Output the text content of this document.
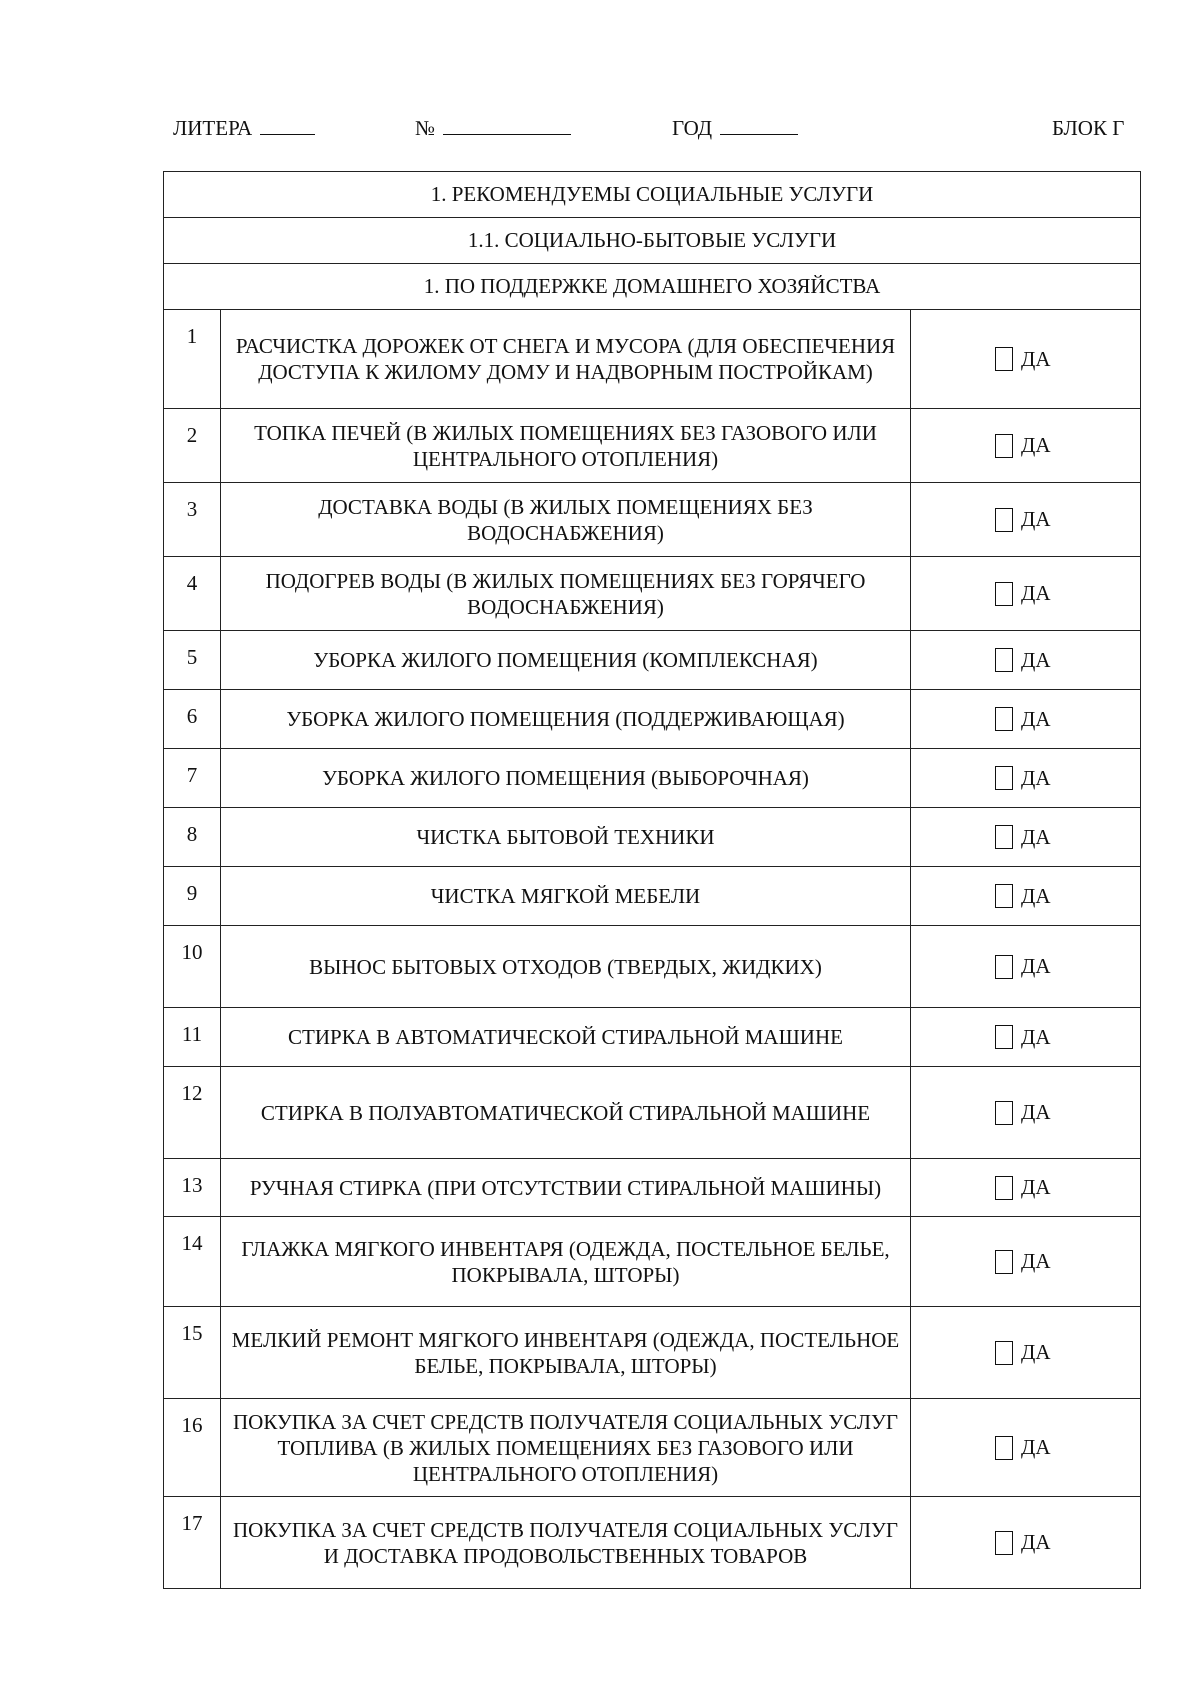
ЛИТЕРА	№	ГОД	БЛОК Г
1. РЕКОМЕНДУЕМЫ СОЦИАЛЬНЫЕ УСЛУГИ		
1.1. СОЦИАЛЬНО-БЫТОВЫЕ УСЛУГИ		
1. ПО ПОДДЕРЖКЕ ДОМАШНЕГО ХОЗЯЙСТВА		
1	РАСЧИСТКА ДОРОЖЕК ОТ СНЕГА И МУСОРА (ДЛЯ ОБЕСПЕЧЕНИЯ ДОСТУПА К ЖИЛОМУ ДОМУ И НАДВОРНЫМ ПОСТРОЙКАМ)	ДА

2	ТОПКА ПЕЧЕЙ (В ЖИЛЫХ ПОМЕЩЕНИЯХ БЕЗ ГАЗОВОГО ИЛИ ЦЕНТРАЛЬНОГО ОТОПЛЕНИЯ)	ДА

3	ДОСТАВКА ВОДЫ (В ЖИЛЫХ ПОМЕЩЕНИЯХ БЕЗ ВОДОСНАБЖЕНИЯ)	ДА

4	ПОДОГРЕВ ВОДЫ (В ЖИЛЫХ ПОМЕЩЕНИЯХ БЕЗ ГОРЯЧЕГО ВОДОСНАБЖЕНИЯ)	ДА

5	УБОРКА ЖИЛОГО ПОМЕЩЕНИЯ (КОМПЛЕКСНАЯ)	ДА

6	УБОРКА ЖИЛОГО ПОМЕЩЕНИЯ (ПОДДЕРЖИВАЮЩАЯ)	ДА

7	УБОРКА ЖИЛОГО ПОМЕЩЕНИЯ (ВЫБОРОЧНАЯ)	ДА

8	ЧИСТКА БЫТОВОЙ ТЕХНИКИ	ДА

9	ЧИСТКА МЯГКОЙ МЕБЕЛИ	ДА

10	ВЫНОС БЫТОВЫХ ОТХОДОВ (ТВЕРДЫХ, ЖИДКИХ)	ДА

11	СТИРКА В АВТОМАТИЧЕСКОЙ СТИРАЛЬНОЙ МАШИНЕ	ДА

12	СТИРКА В ПОЛУАВТОМАТИЧЕСКОЙ СТИРАЛЬНОЙ МАШИНЕ	ДА

13	РУЧНАЯ СТИРКА (ПРИ ОТСУТСТВИИ СТИРАЛЬНОЙ МАШИНЫ)	ДА

14	ГЛАЖКА МЯГКОГО ИНВЕНТАРЯ (ОДЕЖДА, ПОСТЕЛЬНОЕ БЕЛЬЕ, ПОКРЫВАЛА, ШТОРЫ)	ДА

15	МЕЛКИЙ РЕМОНТ МЯГКОГО ИНВЕНТАРЯ (ОДЕЖДА, ПОСТЕЛЬНОЕ БЕЛЬЕ, ПОКРЫВАЛА, ШТОРЫ)	ДА

16	ПОКУПКА ЗА СЧЕТ СРЕДСТВ ПОЛУЧАТЕЛЯ СОЦИАЛЬНЫХ УСЛУГ ТОПЛИВА (В ЖИЛЫХ ПОМЕЩЕНИЯХ БЕЗ ГАЗОВОГО ИЛИ ЦЕНТРАЛЬНОГО ОТОПЛЕНИЯ)	ДА

17	ПОКУПКА ЗА СЧЕТ СРЕДСТВ ПОЛУЧАТЕЛЯ СОЦИАЛЬНЫХ УСЛУГ И ДОСТАВКА ПРОДОВОЛЬСТВЕННЫХ ТОВАРОВ	ДА
